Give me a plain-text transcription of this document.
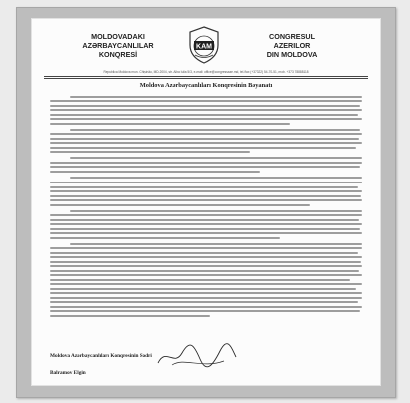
MOLDOVADAKI
AZƏRBAYCANLILAR
KONQRESİ
KAM
CONGRESUL
AZERILOR
DIN MOLDOVA
Republica Moldova mun. Chișinău, MD-2004, str. Alba Iulia 5/3, e-mail: office@congressaze.md, tel./fax (+37322) 54-70-51, mob. +373 78888118
Moldova Azərbaycanlıları Konqresinin Bəyanatı
Moldova Azərbaycanlıları Konqresinin Sədri
Balramov Elgin
